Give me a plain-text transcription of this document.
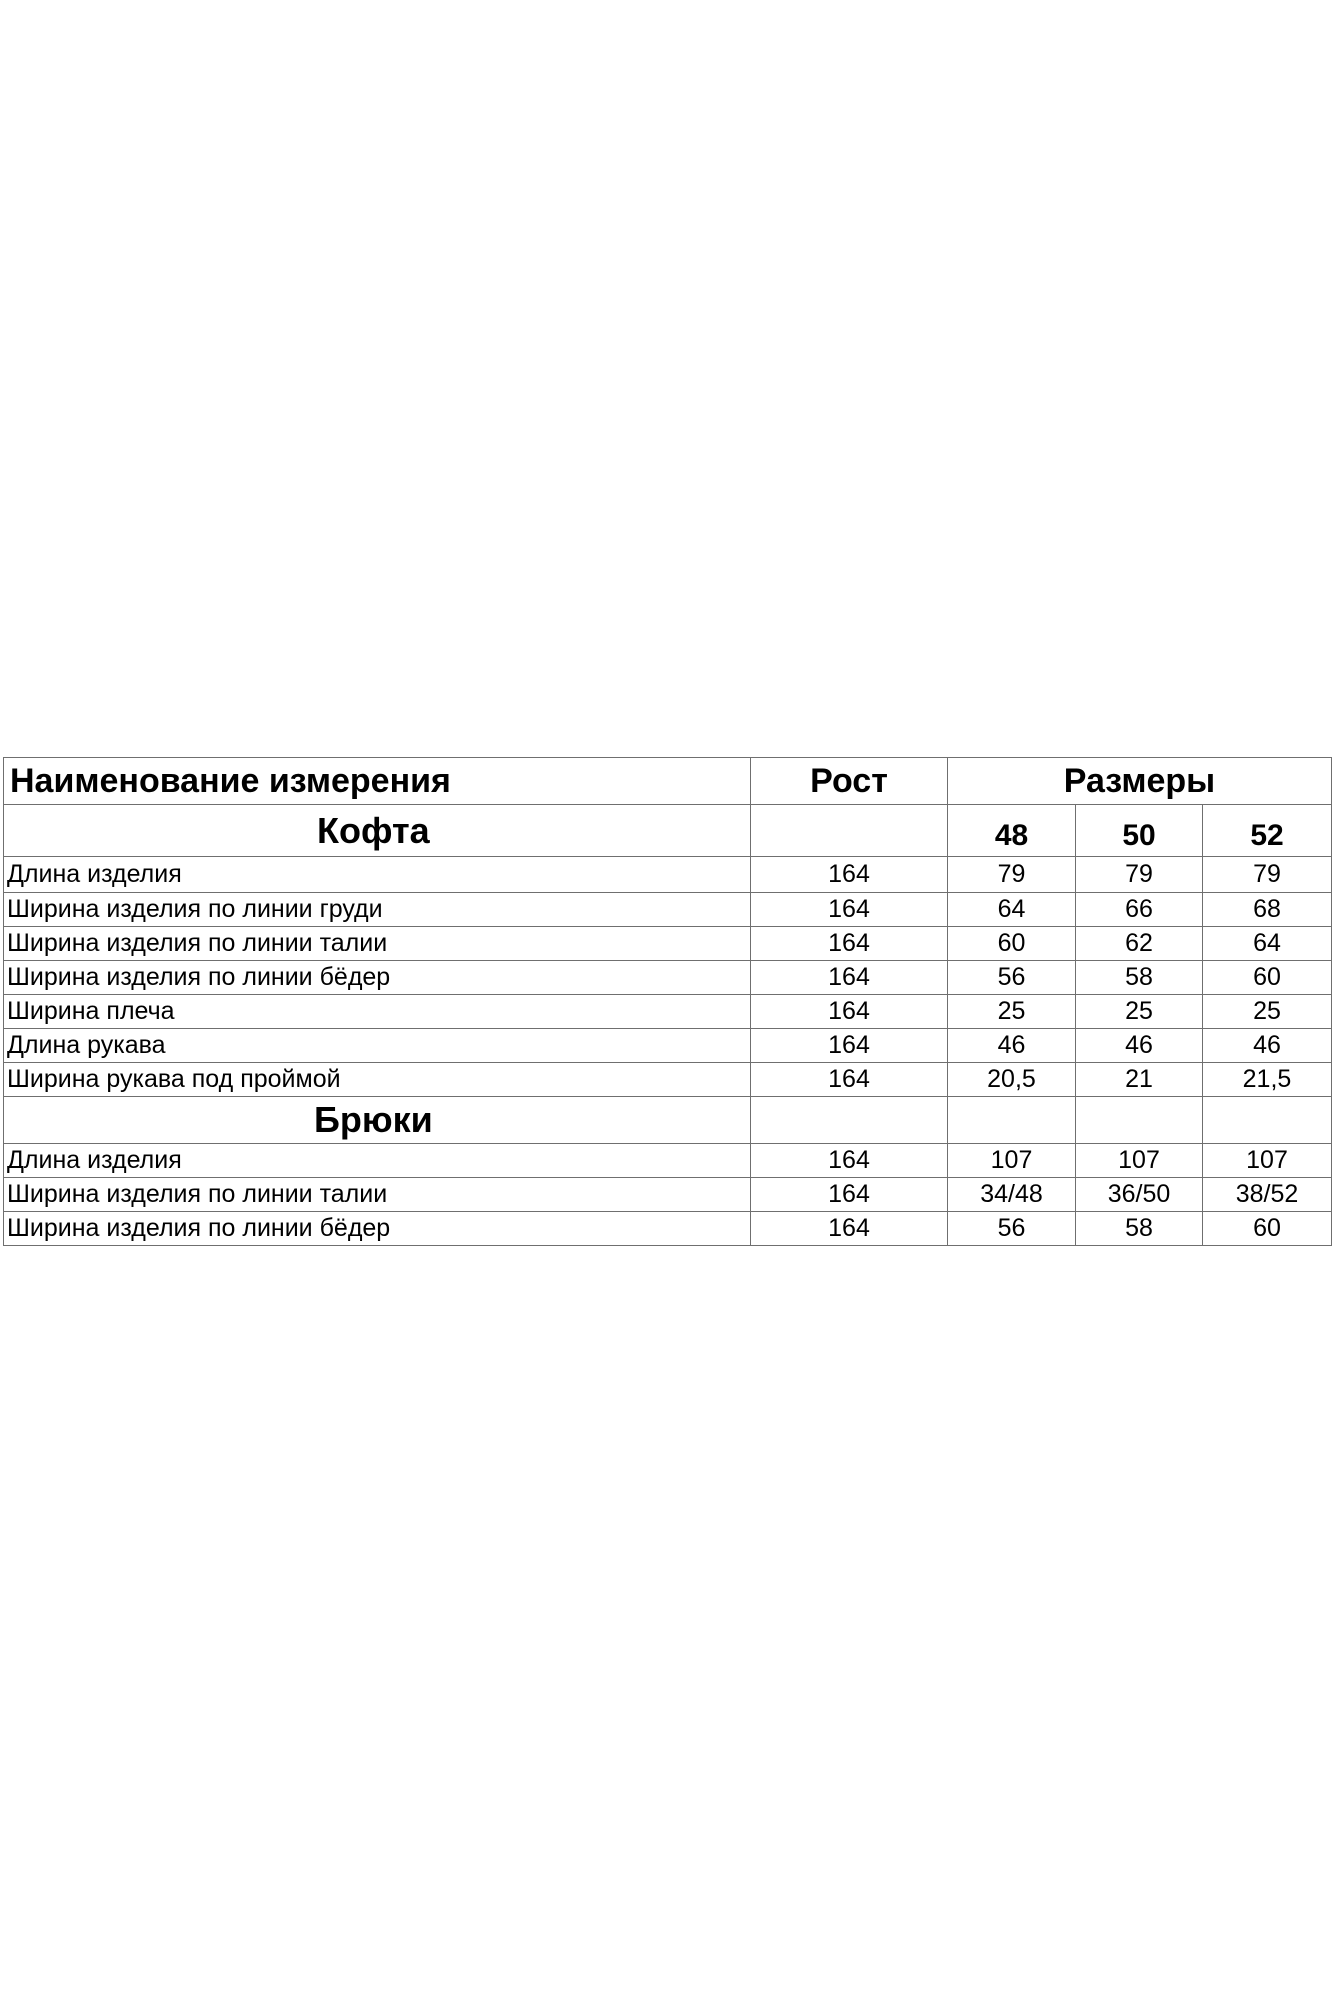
Наименование измерения	Рост	Размеры		
Кофта		48	50	52
Длина изделия	164	79	79	79
Ширина изделия по линии груди	164	64	66	68
Ширина изделия по линии талии	164	60	62	64
Ширина изделия по линии бёдер	164	56	58	60
Ширина плеча	164	25	25	25
Длина рукава	164	46	46	46
Ширина рукава под проймой	164	20,5	21	21,5
Брюки				
Длина изделия	164	107	107	107
Ширина изделия по линии талии	164	34/48	36/50	38/52
Ширина изделия по линии бёдер	164	56	58	60
